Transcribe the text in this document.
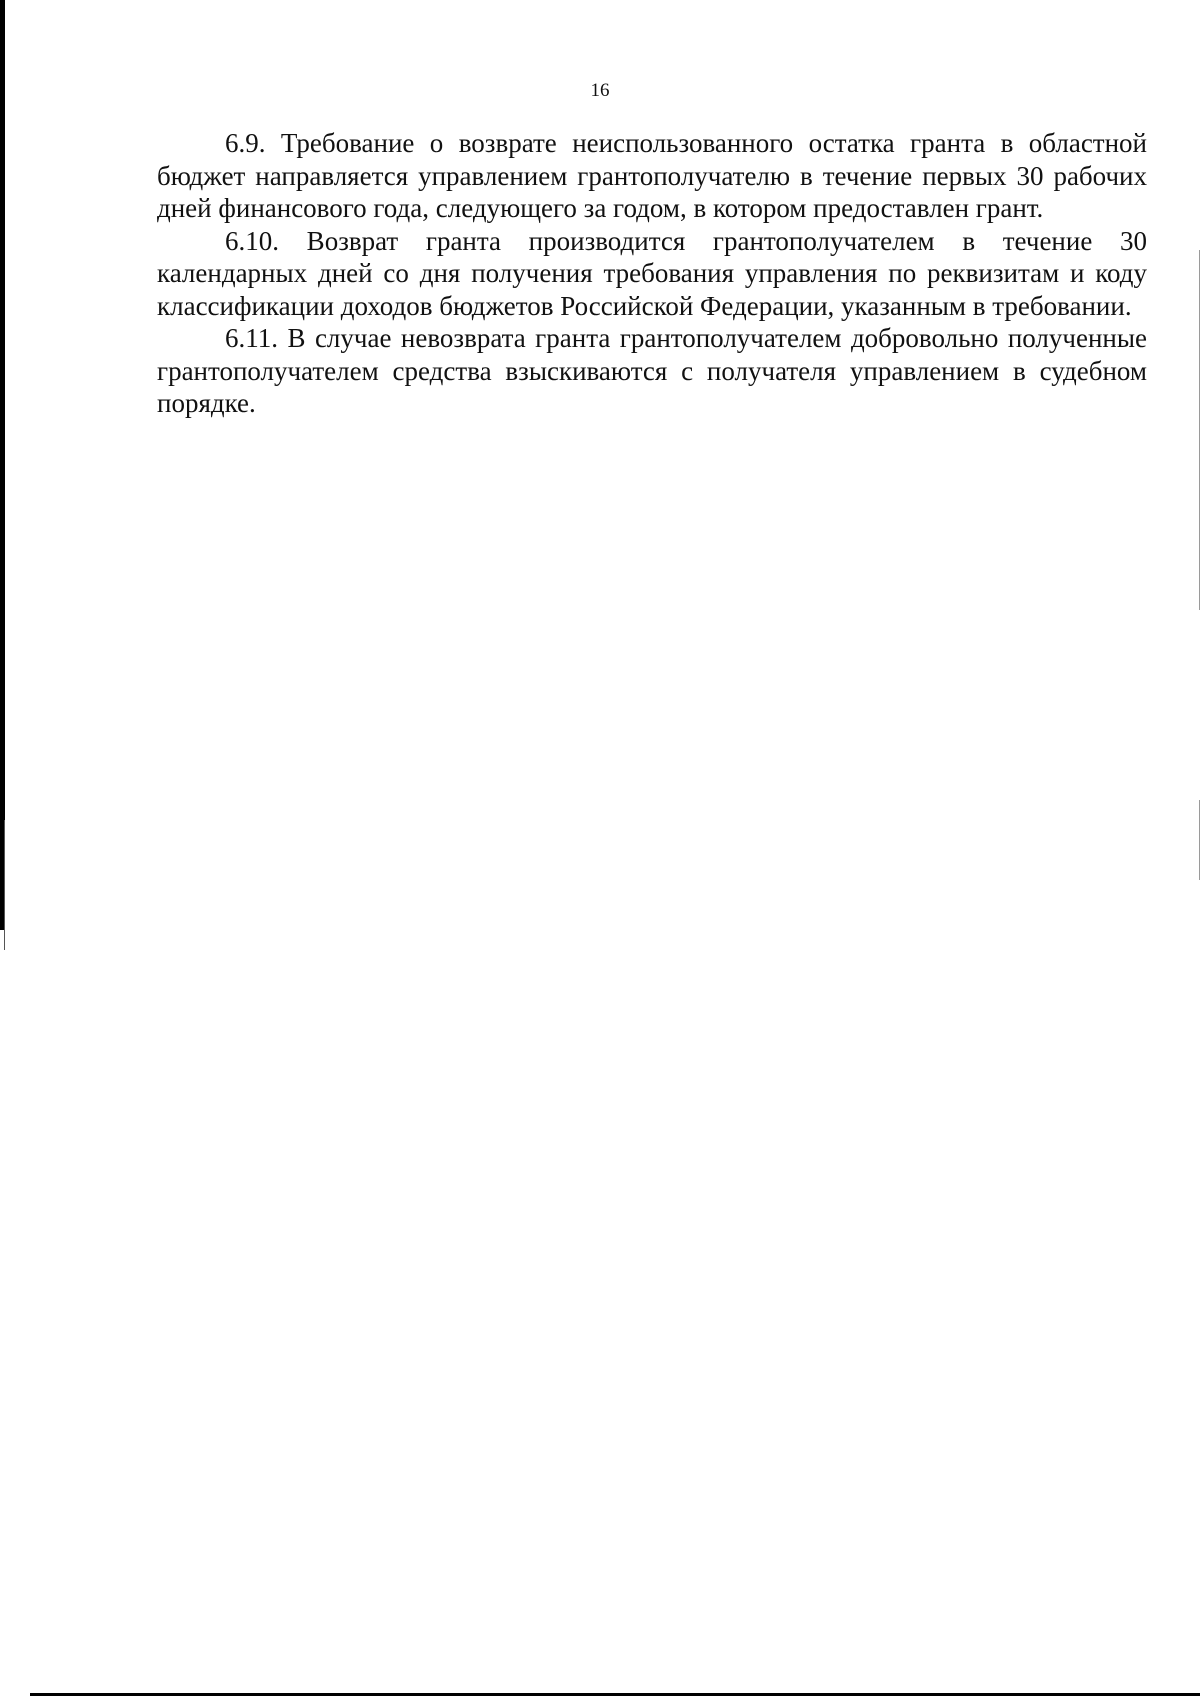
16

6.9. Требование о возврате неиспользованного остатка гранта в областной бюджет направляется управлением грантополучателю в течение первых 30 рабочих дней финансового года, следующего за годом, в котором предоставлен грант.

6.10. Возврат гранта производится грантополучателем в течение 30 календарных дней со дня получения требования управления по реквизитам и коду классификации доходов бюджетов Российской Федерации, указанным в требовании.

6.11. В случае невозврата гранта грантополучателем добровольно полученные грантополучателем средства взыскиваются с получателя управлением в судебном порядке.
